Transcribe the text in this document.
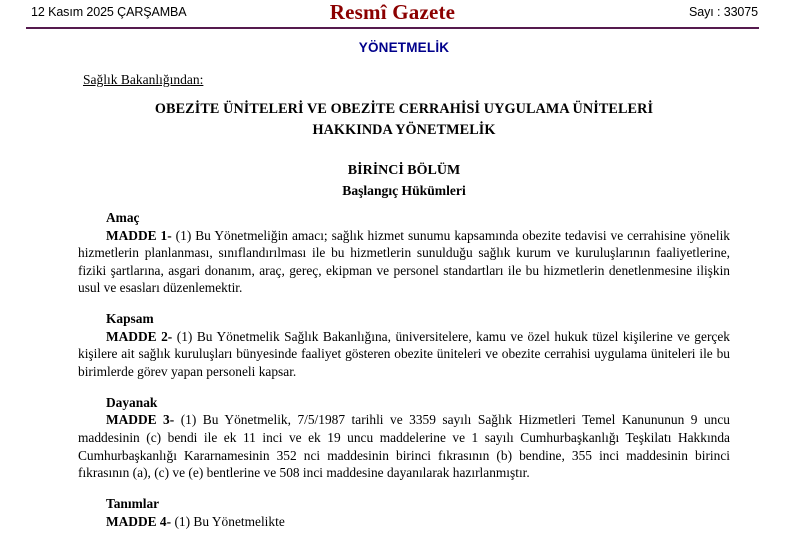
12 Kasım 2025 ÇARŞAMBA	Resmî Gazete	Sayı : 33075
YÖNETMELİK
Sağlık Bakanlığından:
OBEZİTE ÜNİTELERİ VE OBEZİTE CERRAHİSİ UYGULAMA ÜNİTELERİ
HAKKINDA YÖNETMELİK
BİRİNCİ BÖLÜM
Başlangıç Hükümleri
Amaç

MADDE 1- (1) Bu Yönetmeliğin amacı; sağlık hizmet sunumu kapsamında obezite tedavisi ve cerrahisine yönelik hizmetlerin planlanması, sınıflandırılması ile bu hizmetlerin sunulduğu sağlık kurum ve kuruluşlarının faaliyetlerine, fiziki şartlarına, asgari donanım, araç, gereç, ekipman ve personel standartları ile bu hizmetlerin denetlenmesine ilişkin usul ve esasları düzenlemektir.

Kapsam

MADDE 2- (1) Bu Yönetmelik Sağlık Bakanlığına, üniversitelere, kamu ve özel hukuk tüzel kişilerine ve gerçek kişilere ait sağlık kuruluşları bünyesinde faaliyet gösteren obezite üniteleri ve obezite cerrahisi uygulama üniteleri ile bu birimlerde görev yapan personeli kapsar.

Dayanak

MADDE 3- (1) Bu Yönetmelik, 7/5/1987 tarihli ve 3359 sayılı Sağlık Hizmetleri Temel Kanununun 9 uncu maddesinin (c) bendi ile ek 11 inci ve ek 19 uncu maddelerine ve 1 sayılı Cumhurbaşkanlığı Teşkilatı Hakkında Cumhurbaşkanlığı Kararnamesinin 352 nci maddesinin birinci fıkrasının (b) bendine, 355 inci maddesinin birinci fıkrasının (a), (c) ve (e) bentlerine ve 508 inci maddesine dayanılarak hazırlanmıştır.

Tanımlar

MADDE 4- (1) Bu Yönetmelikte
